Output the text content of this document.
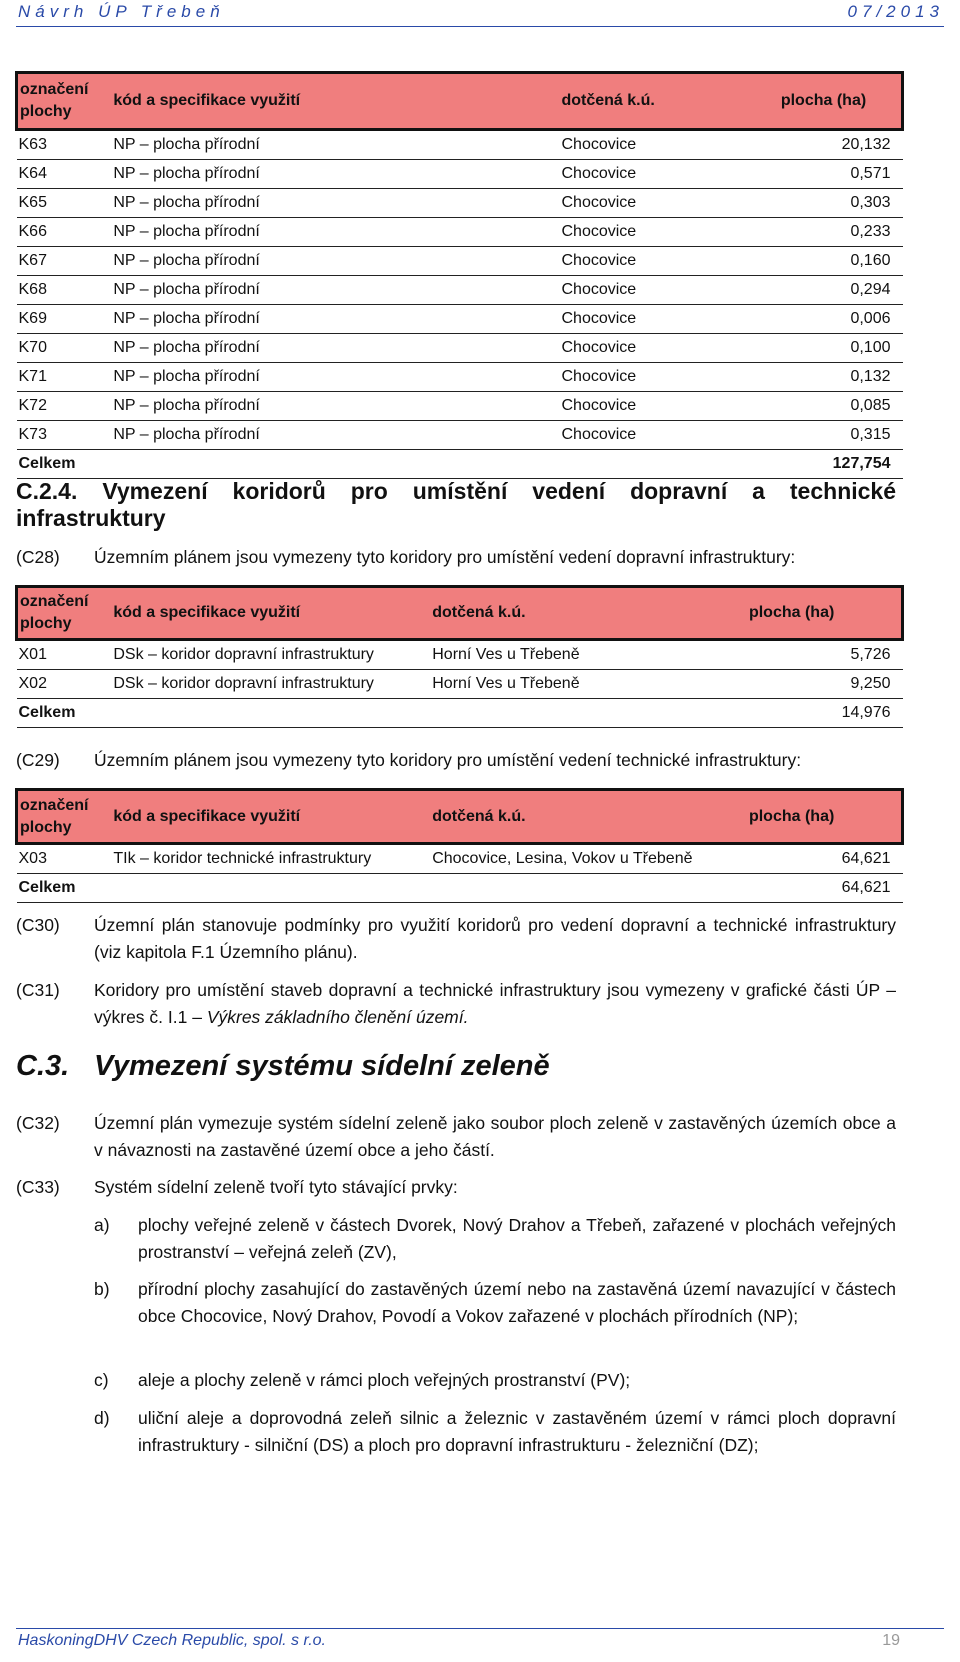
Návrh ÚP Třebeň	07/2013
označení plochy	kód a specifikace využití	dotčená k.ú.	plocha (ha)
K63	NP – plocha přírodní	Chocovice	20,132
K64	NP – plocha přírodní	Chocovice	0,571
K65	NP – plocha přírodní	Chocovice	0,303
K66	NP – plocha přírodní	Chocovice	0,233
K67	NP – plocha přírodní	Chocovice	0,160
K68	NP – plocha přírodní	Chocovice	0,294
K69	NP – plocha přírodní	Chocovice	0,006
K70	NP – plocha přírodní	Chocovice	0,100
K71	NP – plocha přírodní	Chocovice	0,132
K72	NP – plocha přírodní	Chocovice	0,085
K73	NP – plocha přírodní	Chocovice	0,315
Celkem			127,754
C.2.4. Vymezení koridorů pro umístění vedení dopravní a technické infrastruktury
(C28) Územním plánem jsou vymezeny tyto koridory pro umístění vedení dopravní infrastruktury:
označení plochy	kód a specifikace využití	dotčená k.ú.	plocha (ha)
X01	DSk – koridor dopravní infrastruktury	Horní Ves u Třebeně	5,726
X02	DSk – koridor dopravní infrastruktury	Horní Ves u Třebeně	9,250
Celkem			14,976
(C29) Územním plánem jsou vymezeny tyto koridory pro umístění vedení technické infrastruktury:
označení plochy	kód a specifikace využití	dotčená k.ú.	plocha (ha)
X03	TIk – koridor technické infrastruktury	Chocovice, Lesina, Vokov u Třebeně	64,621
Celkem			64,621
(C30) Územní plán stanovuje podmínky pro využití koridorů pro vedení dopravní a technické infrastruktury (viz kapitola F.1 Územního plánu).
(C31) Koridory pro umístění staveb dopravní a technické infrastruktury jsou vymezeny v grafické části ÚP – výkres č. I.1 – Výkres základního členění území.
C.3. Vymezení systému sídelní zeleně
(C32) Územní plán vymezuje systém sídelní zeleně jako soubor ploch zeleně v zastavěných územích obce a v návaznosti na zastavěné území obce a jeho částí.
(C33) Systém sídelní zeleně tvoří tyto stávající prvky:
a) plochy veřejné zeleně v částech Dvorek, Nový Drahov a Třebeň, zařazené v plochách veřejných prostranství – veřejná zeleň (ZV),
b) přírodní plochy zasahující do zastavěných území nebo na zastavěná území navazující v částech obce Chocovice, Nový Drahov, Povodí a Vokov zařazené v plochách přírodních (NP);
c) aleje a plochy zeleně v rámci ploch veřejných prostranství (PV);
d) uliční aleje a doprovodná zeleň silnic a železnic v zastavěném území v rámci ploch dopravní infrastruktury - silniční (DS) a ploch pro dopravní infrastrukturu - železniční (DZ);
HaskoningDHV Czech Republic, spol. s r.o.	19
